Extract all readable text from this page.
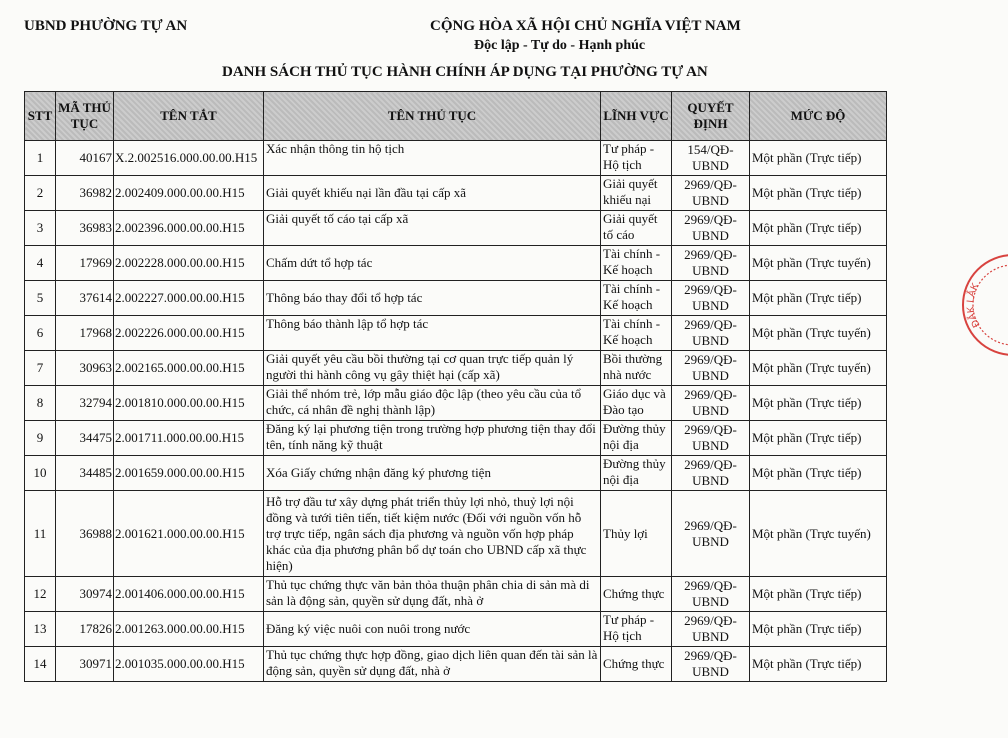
UBND PHƯỜNG TỰ AN	CỘNG HÒA XÃ HỘI CHỦ NGHĨA VIỆT NAM
Độc lập - Tự do - Hạnh phúc
DANH SÁCH THỦ TỤC HÀNH CHÍNH ÁP DỤNG TẠI PHƯỜNG TỰ AN
STT	MÃ THỦ TỤC	TÊN TẮT	TÊN THỦ TỤC	LĨNH VỰC	QUYẾT ĐỊNH	MỨC ĐỘ
1	40167	X.2.002516.000.00.00.H15	Xác nhận thông tin hộ tịch	Tư pháp - Hộ tịch	154/QĐ-UBND	Một phần (Trực tiếp)
2	36982	2.002409.000.00.00.H15	Giải quyết khiếu nại lần đầu tại cấp xã	Giải quyết khiếu nại	2969/QĐ-UBND	Một phần (Trực tiếp)
3	36983	2.002396.000.00.00.H15	Giải quyết tố cáo tại cấp xã	Giải quyết tố cáo	2969/QĐ-UBND	Một phần (Trực tiếp)
4	17969	2.002228.000.00.00.H15	Chấm dứt tổ hợp tác	Tài chính - Kế hoạch	2969/QĐ-UBND	Một phần (Trực tuyến)
5	37614	2.002227.000.00.00.H15	Thông báo thay đổi tổ hợp tác	Tài chính - Kế hoạch	2969/QĐ-UBND	Một phần (Trực tiếp)
6	17968	2.002226.000.00.00.H15	Thông báo thành lập tổ hợp tác	Tài chính - Kế hoạch	2969/QĐ-UBND	Một phần (Trực tuyến)
7	30963	2.002165.000.00.00.H15	Giải quyết yêu cầu bồi thường tại cơ quan trực tiếp quản lý người thi hành công vụ gây thiệt hại (cấp xã)	Bồi thường nhà nước	2969/QĐ-UBND	Một phần (Trực tuyến)
8	32794	2.001810.000.00.00.H15	Giải thể nhóm trẻ, lớp mẫu giáo độc lập (theo yêu cầu của tổ chức, cá nhân đề nghị thành lập)	Giáo dục và Đào tạo	2969/QĐ-UBND	Một phần (Trực tiếp)
9	34475	2.001711.000.00.00.H15	Đăng ký lại phương tiện trong trường hợp phương tiện thay đổi tên, tính năng kỹ thuật	Đường thủy nội địa	2969/QĐ-UBND	Một phần (Trực tiếp)
10	34485	2.001659.000.00.00.H15	Xóa Giấy chứng nhận đăng ký phương tiện	Đường thủy nội địa	2969/QĐ-UBND	Một phần (Trực tiếp)
11	36988	2.001621.000.00.00.H15	Hỗ trợ đầu tư xây dựng phát triển thủy lợi nhỏ, thuỷ lợi nội đồng và tưới tiên tiến, tiết kiệm nước (Đối với nguồn vốn hỗ trợ trực tiếp, ngân sách địa phương và nguồn vốn hợp pháp khác của địa phương phân bổ dự toán cho UBND cấp xã thực hiện)	Thủy lợi	2969/QĐ-UBND	Một phần (Trực tuyến)
12	30974	2.001406.000.00.00.H15	Thủ tục chứng thực văn bản thỏa thuận phân chia di sản mà di sản là động sản, quyền sử dụng đất, nhà ở	Chứng thực	2969/QĐ-UBND	Một phần (Trực tiếp)
13	17826	2.001263.000.00.00.H15	Đăng ký việc nuôi con nuôi trong nước	Tư pháp - Hộ tịch	2969/QĐ-UBND	Một phần (Trực tiếp)
14	30971	2.001035.000.00.00.H15	Thủ tục chứng thực hợp đồng, giao dịch liên quan đến tài sản là động sản, quyền sử dụng đất, nhà ở	Chứng thực	2969/QĐ-UBND	Một phần (Trực tiếp)
ĐẮK LẮK
